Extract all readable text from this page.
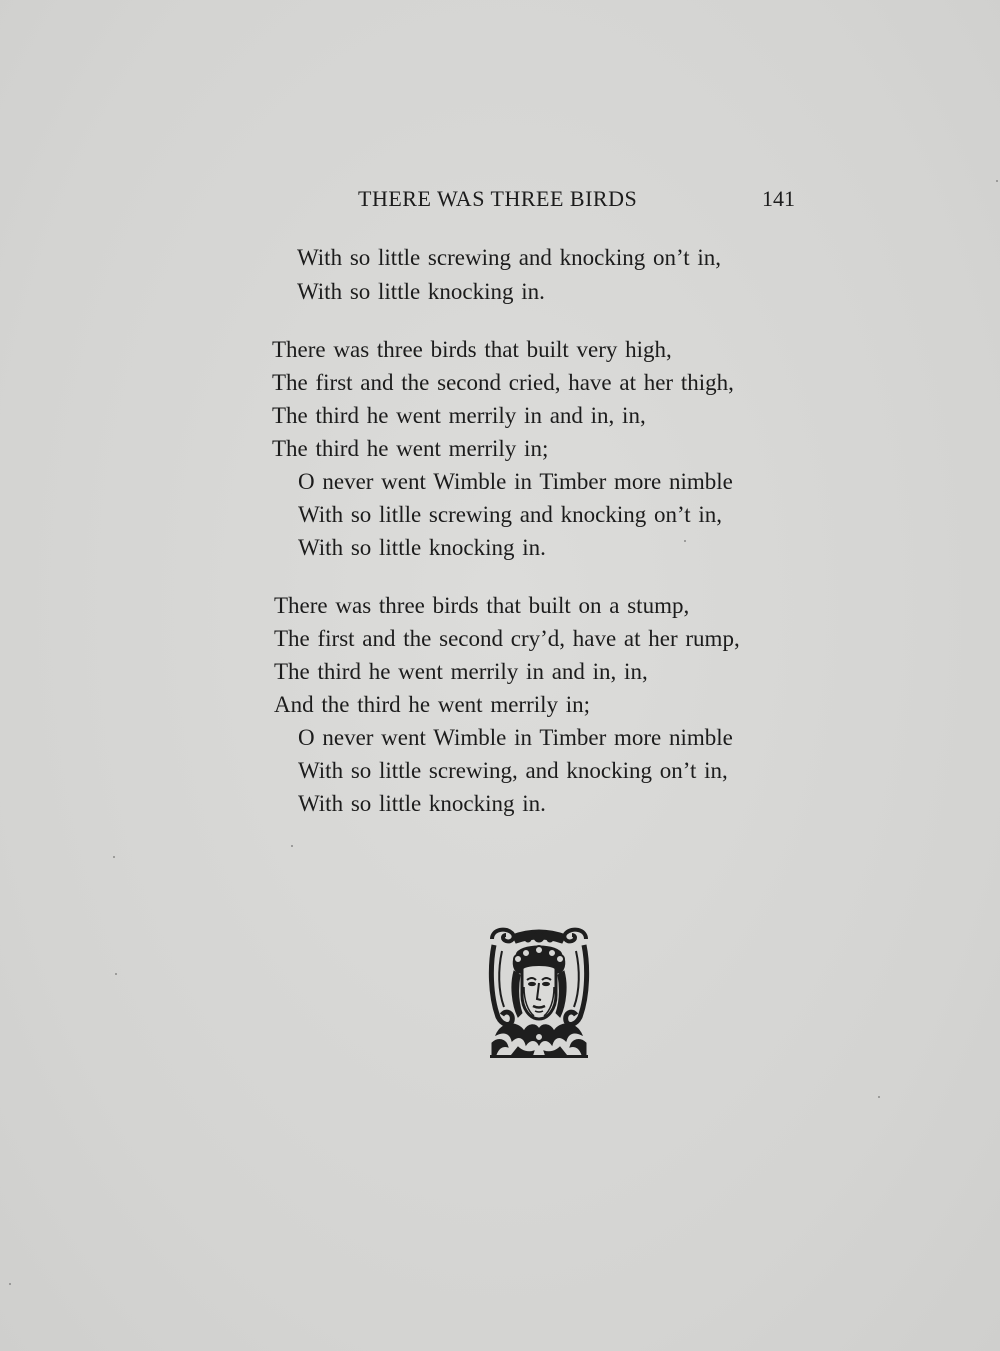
THERE WAS THREE BIRDS	141
With so little screwing and knocking on’t in,
With so little knocking in.
There was three birds that built very high,
The first and the second cried, have at her thigh,
The third he went merrily in and in, in,
The third he went merrily in;
O never went Wimble in Timber more nimble
With so litlle screwing and knocking on’t in,
With so little knocking in.
There was three birds that built on a stump,
The first and the second cry’d, have at her rump,
The third he went merrily in and in, in,
And the third he went merrily in;
O never went Wimble in Timber more nimble
With so little screwing, and knocking on’t in,
With so little knocking in.
